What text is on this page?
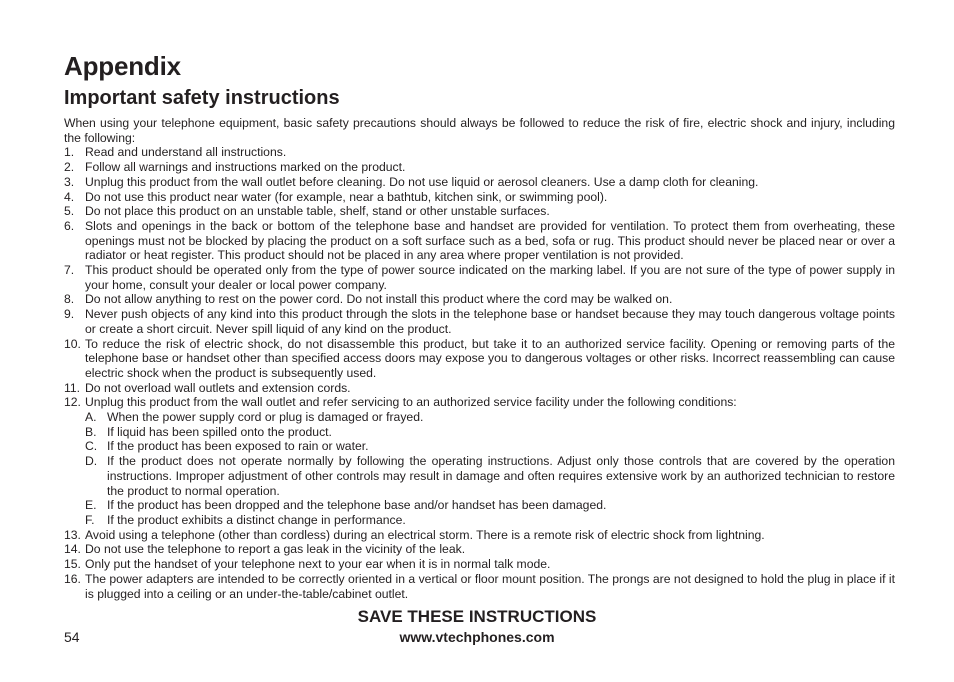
Appendix
Important safety instructions

When using your telephone equipment, basic safety precautions should always be followed to reduce the risk of fire, electric shock and injury, including the following:

1. Read and understand all instructions.
2. Follow all warnings and instructions marked on the product.
3. Unplug this product from the wall outlet before cleaning. Do not use liquid or aerosol cleaners. Use a damp cloth for cleaning.
4. Do not use this product near water (for example, near a bathtub, kitchen sink, or swimming pool).
5. Do not place this product on an unstable table, shelf, stand or other unstable surfaces.
6. Slots and openings in the back or bottom of the telephone base and handset are provided for ventilation. To protect them from overheating, these openings must not be blocked by placing the product on a soft surface such as a bed, sofa or rug. This product should never be placed near or over a radiator or heat register. This product should not be placed in any area where proper ventilation is not provided.
7. This product should be operated only from the type of power source indicated on the marking label. If you are not sure of the type of power supply in your home, consult your dealer or local power company.
8. Do not allow anything to rest on the power cord. Do not install this product where the cord may be walked on.
9. Never push objects of any kind into this product through the slots in the telephone base or handset because they may touch dangerous voltage points or create a short circuit. Never spill liquid of any kind on the product.
10. To reduce the risk of electric shock, do not disassemble this product, but take it to an authorized service facility. Opening or removing parts of the telephone base or handset other than specified access doors may expose you to dangerous voltages or other risks. Incorrect reassembling can cause electric shock when the product is subsequently used.
11. Do not overload wall outlets and extension cords.
12. Unplug this product from the wall outlet and refer servicing to an authorized service facility under the following conditions:
A. When the power supply cord or plug is damaged or frayed.
B. If liquid has been spilled onto the product.
C. If the product has been exposed to rain or water.
D. If the product does not operate normally by following the operating instructions. Adjust only those controls that are covered by the operation instructions. Improper adjustment of other controls may result in damage and often requires extensive work by an authorized technician to restore the product to normal operation.
E. If the product has been dropped and the telephone base and/or handset has been damaged.
F. If the product exhibits a distinct change in performance.
13. Avoid using a telephone (other than cordless) during an electrical storm. There is a remote risk of electric shock from lightning.
14. Do not use the telephone to report a gas leak in the vicinity of the leak.
15. Only put the handset of your telephone next to your ear when it is in normal talk mode.
16. The power adapters are intended to be correctly oriented in a vertical or floor mount position. The prongs are not designed to hold the plug in place if it is plugged into a ceiling or an under-the-table/cabinet outlet.
SAVE THESE INSTRUCTIONS
54	www.vtechphones.com
